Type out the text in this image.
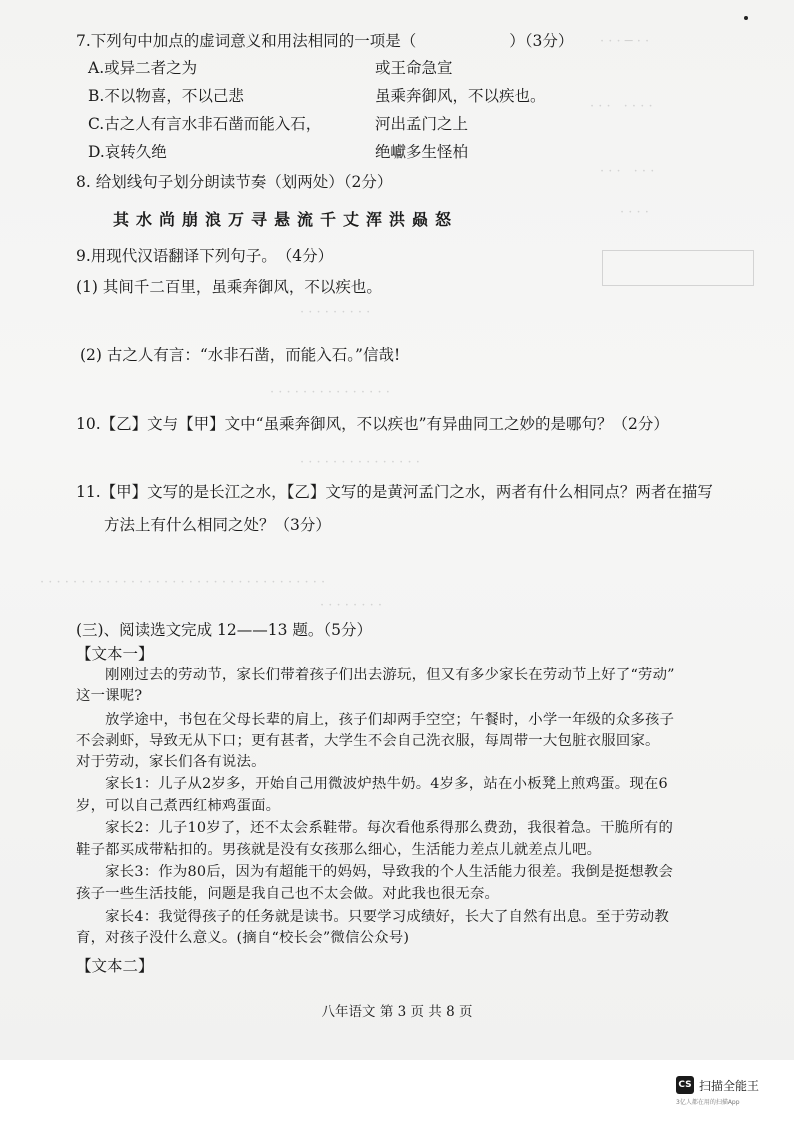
· · · ─ · ·
· · ·　· · · ·
· · ·　· · ·
· · · ·
· · · · · · · · ·
· · · · · · · · · · · · · · ·
· · · · · · · · · · · · · · ·
· · · · · · · · · · · · · · · · · · · · · · · · · · · · · · · · · · ·
· · · · · · · ·
7.下列句中加点的虚词意义和用法相同的一项是（　　　　　　）（3分）
A.或异二者之为	或王命急宣
B.不以物喜，不以己悲	虽乘奔御风，不以疾也。
C.古之人有言水非石凿而能入石，	河出孟门之上
D.哀转久绝	绝巘多生怪柏
8. 给划线句子划分朗读节奏（划两处）（2分）
其水尚崩浪万寻悬流千丈浑洪赑怒
9.用现代汉语翻译下列句子。　（4分）
(1) 其间千二百里，虽乘奔御风，不以疾也。
(2) 古之人有言：“水非石凿，而能入石。”信哉!
10.【乙】文与【甲】文中“虽乘奔御风，不以疾也”有异曲同工之妙的是哪句？（2分）
11.【甲】文写的是长江之水，【乙】文写的是黄河孟门之水，两者有什么相同点？两者在描写
方法上有什么相同之处？（3分）
(三)、阅读选文完成 12——13 题。（5分）
【文本一】
　　刚刚过去的劳动节，家长们带着孩子们出去游玩，但又有多少家长在劳动节上好了“劳动”
这一课呢?
　　放学途中，书包在父母长辈的肩上，孩子们却两手空空；午餐时，小学一年级的众多孩子
不会剥虾，导致无从下口；更有甚者，大学生不会自己洗衣服，每周带一大包脏衣服回家。
对于劳动，家长们各有说法。
　　家长1：儿子从2岁多，开始自己用微波炉热牛奶。4岁多，站在小板凳上煎鸡蛋。现在6
岁，可以自己煮西红柿鸡蛋面。
　　家长2：儿子10岁了，还不太会系鞋带。每次看他系得那么费劲，我很着急。干脆所有的
鞋子都买成带粘扣的。男孩就是没有女孩那么细心，生活能力差点儿就差点儿吧。
　　家长3：作为80后，因为有超能干的妈妈，导致我的个人生活能力很差。我倒是挺想教会
孩子一些生活技能，问题是我自己也不太会做。对此我也很无奈。
　　家长4：我觉得孩子的任务就是读书。只要学习成绩好，长大了自然有出息。至于劳动教
育，对孩子没什么意义。(摘自“校长会”微信公众号)
【文本二】
八年语文 第 3 页 共 8 页
CS 扫描全能王
3亿人都在用的扫描App
